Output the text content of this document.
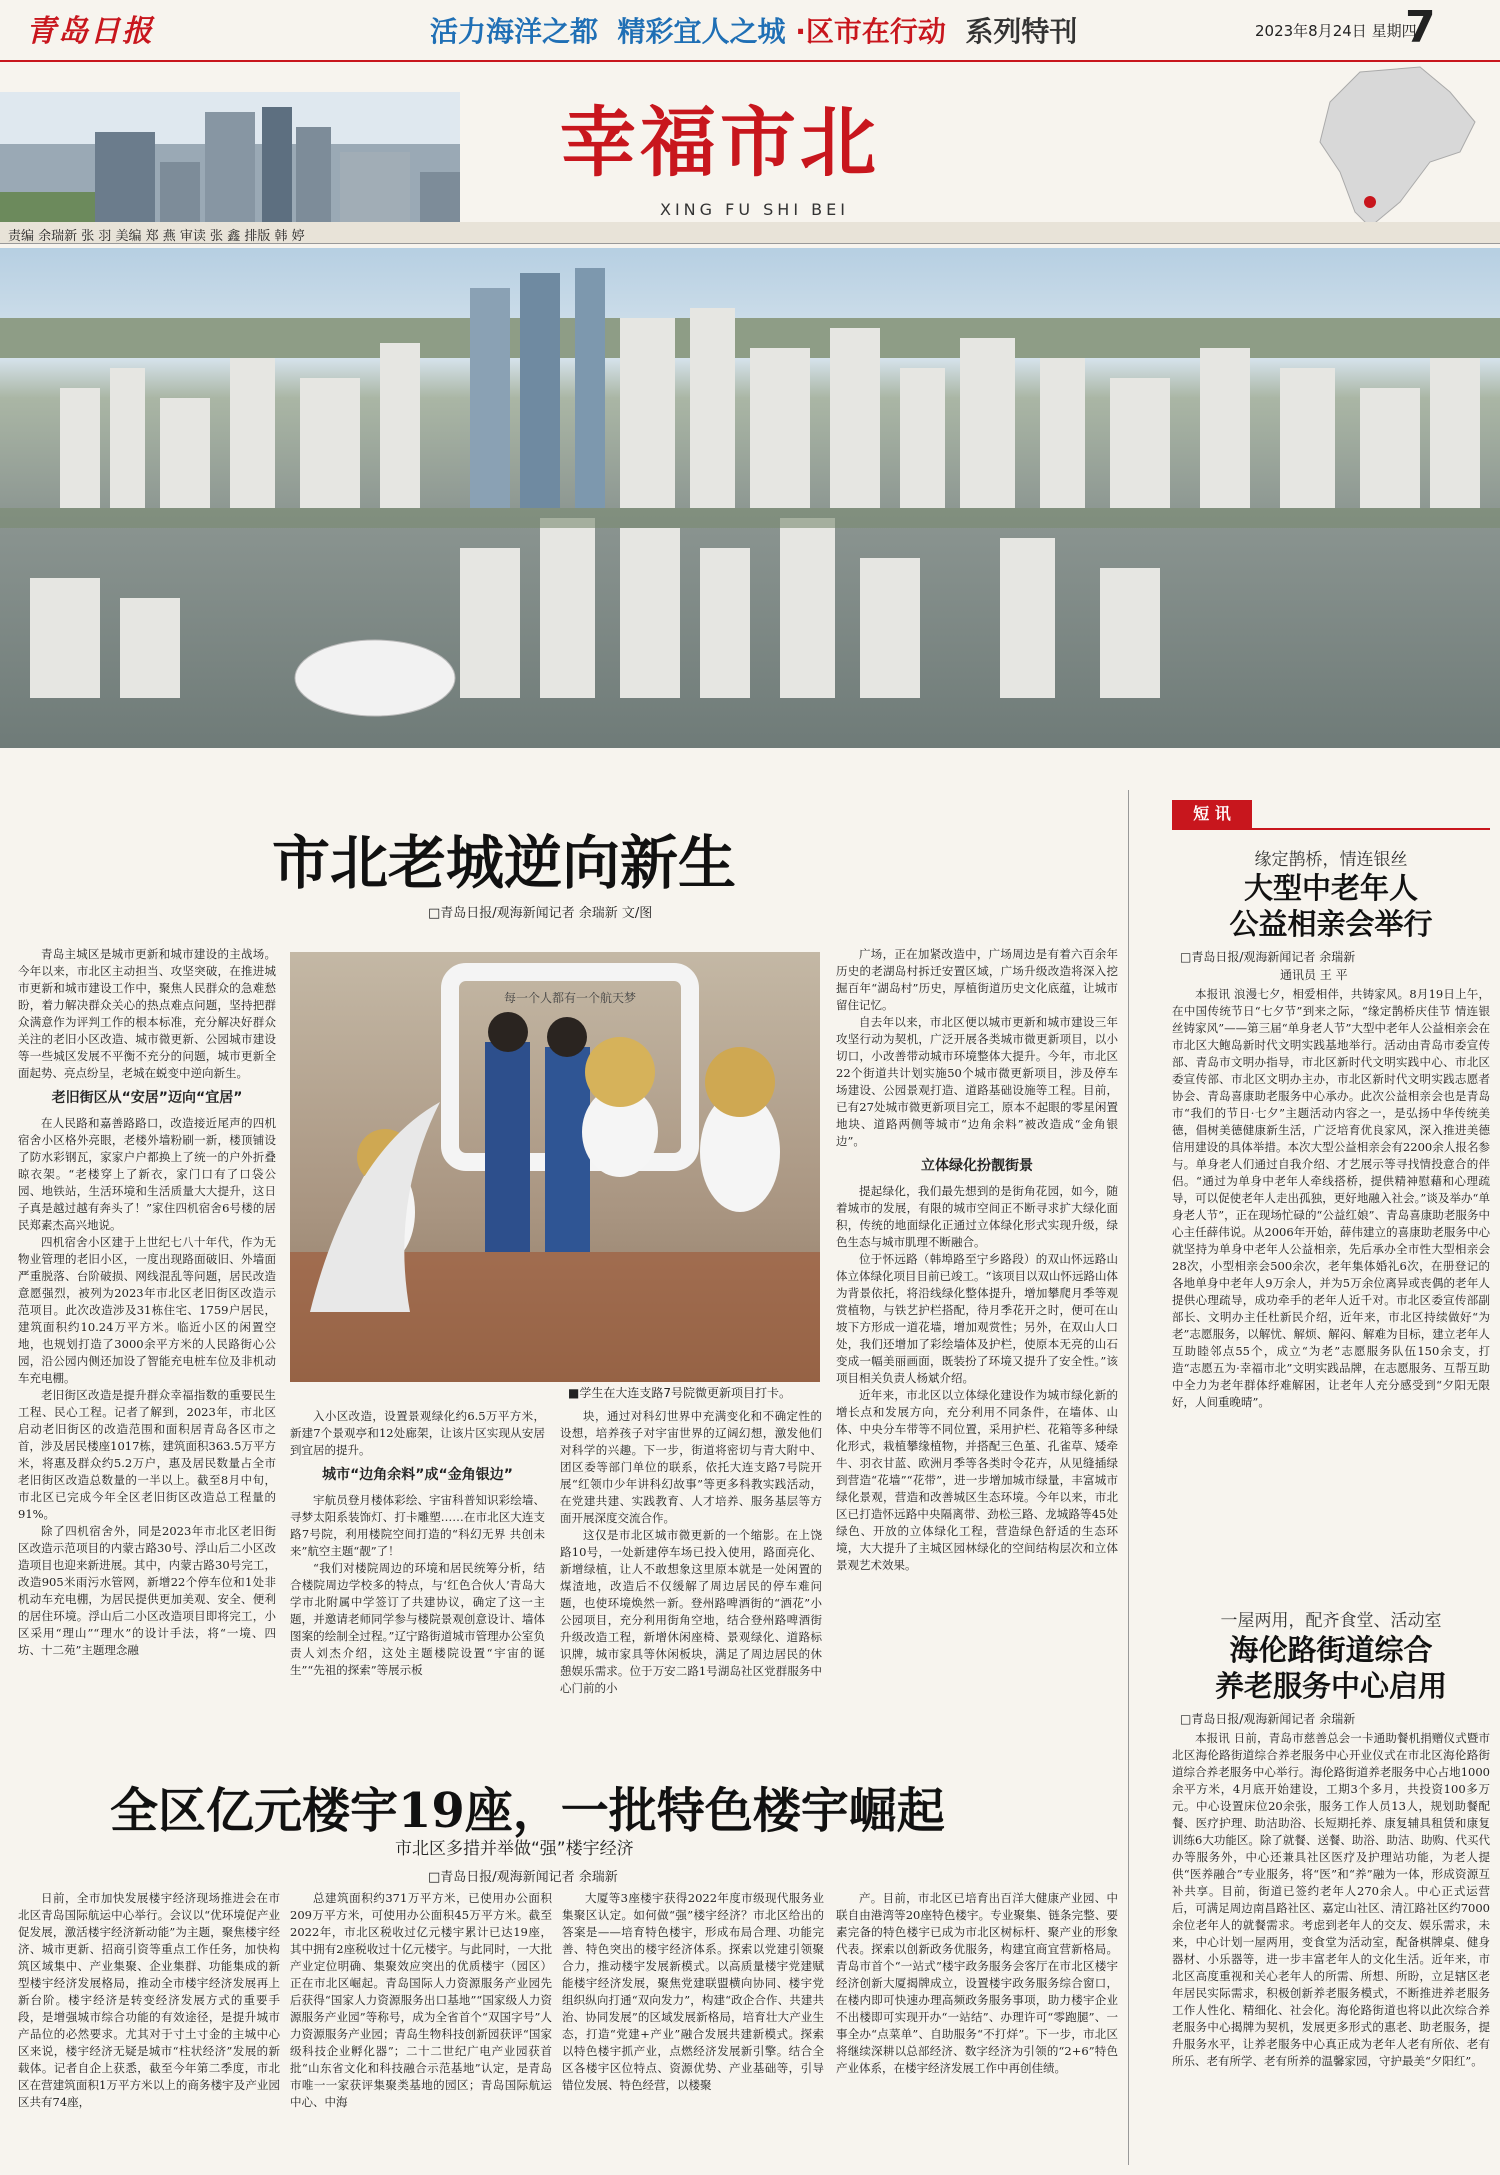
青岛日报	活力海洋之都 精彩宜人之城 ·区市在行动 系列特刊	2023年8月24日 星期四
7
幸福市北
XING FU SHI BEI
责编 余瑞新 张 羽 美编 郑 燕 审读 张 鑫 排版 韩 婷
市北老城逆向新生
□青岛日报/观海新闻记者 余瑞新 文/图

青岛主城区是城市更新和城市建设的主战场。今年以来，市北区主动担当、攻坚突破，在推进城市更新和城市建设工作中，聚焦人民群众的急难愁盼，着力解决群众关心的热点难点问题，坚持把群众满意作为评判工作的根本标准，充分解决好群众关注的老旧小区改造、城市微更新、公园城市建设等一些城区发展不平衡不充分的问题，城市更新全面起势、亮点纷呈，老城在蜕变中逆向新生。

老旧街区从“安居”迈向“宜居”

在人民路和嘉善路路口，改造接近尾声的四机宿舍小区格外亮眼，老楼外墙粉刷一新，楼顶铺设了防水彩钢瓦，家家户户都换上了统一的户外折叠晾衣架。“老楼穿上了新衣，家门口有了口袋公园、地铁站，生活环境和生活质量大大提升，这日子真是越过越有奔头了！”家住四机宿舍6号楼的居民郑素杰高兴地说。

四机宿舍小区建于上世纪七八十年代，作为无物业管理的老旧小区，一度出现路面破旧、外墙面严重脱落、台阶破损、网线混乱等问题，居民改造意愿强烈，被列为2023年市北区老旧街区改造示范项目。此次改造涉及31栋住宅、1759户居民，建筑面积约10.24万平方米。临近小区的闲置空地，也规划打造了3000余平方米的人民路街心公园，沿公园内侧还加设了智能充电桩车位及非机动车充电棚。

老旧街区改造是提升群众幸福指数的重要民生工程、民心工程。记者了解到，2023年，市北区启动老旧街区的改造范围和面积居青岛各区市之首，涉及居民楼座1017栋，建筑面积363.5万平方米，将惠及群众约5.2万户，惠及居民数量占全市老旧街区改造总数量的一半以上。截至8月中旬，市北区已完成今年全区老旧街区改造总工程量的91%。

除了四机宿舍外，同是2023年市北区老旧街区改造示范项目的内蒙古路30号、浮山后二小区改造项目也迎来新进展。其中，内蒙古路30号完工，改造905米雨污水管网，新增22个停车位和1处非机动车充电棚，为居民提供更加美观、安全、便利的居住环境。浮山后二小区改造项目即将完工，小区采用“理山”“理水”的设计手法，将“一境、四坊、十二苑”主题理念融

每一个人都有一个航天梦
■学生在大连支路7号院微更新项目打卡。

入小区改造，设置景观绿化约6.5万平方米，新建7个景观亭和12处廊架，让该片区实现从安居到宜居的提升。

城市“边角余料”成“金角银边”

宇航员登月楼体彩绘、宇宙科普知识彩绘墙、寻梦太阳系装饰灯、打卡雕塑……在市北区大连支路7号院，利用楼院空间打造的“科幻无界 共创未来”航空主题“靓”了！

“我们对楼院周边的环境和居民统筹分析，结合楼院周边学校多的特点，与‘红色合伙人’青岛大学市北附属中学签订了共建协议，确定了这一主题，并邀请老师同学参与楼院景观创意设计、墙体图案的绘制全过程。”辽宁路街道城市管理办公室负责人刘杰介绍，这处主题楼院设置“宇宙的诞生”“先祖的探索”等展示板

块，通过对科幻世界中充满变化和不确定性的设想，培养孩子对宇宙世界的辽阔幻想，激发他们对科学的兴趣。下一步，街道将密切与青大附中、团区委等部门单位的联系，依托大连支路7号院开展“红领巾少年讲科幻故事”等更多科教实践活动，在党建共建、实践教育、人才培养、服务基层等方面开展深度交流合作。

这仅是市北区城市微更新的一个缩影。在上饶路10号，一处新建停车场已投入使用，路面亮化、新增绿植，让人不敢想象这里原本就是一处闲置的煤渣地，改造后不仅缓解了周边居民的停车难问题，也使环境焕然一新。登州路啤酒街的“酒花”小公园项目，充分利用街角空地，结合登州路啤酒街升级改造工程，新增休闲座椅、景观绿化、道路标识牌，城市家具等休闲板块，满足了周边居民的休憩娱乐需求。位于万安二路1号湖岛社区党群服务中心门前的小

广场，正在加紧改造中，广场周边是有着六百余年历史的老湖岛村拆迁安置区域，广场升级改造将深入挖掘百年“湖岛村”历史，厚植街道历史文化底蕴，让城市留住记忆。

自去年以来，市北区便以城市更新和城市建设三年攻坚行动为契机，广泛开展各类城市微更新项目，以小切口，小改善带动城市环境整体大提升。今年，市北区22个街道共计划实施50个城市微更新项目，涉及停车场建设、公园景观打造、道路基础设施等工程。目前，已有27处城市微更新项目完工，原本不起眼的零星闲置地块、道路两侧等城市“边角余料”被改造成“金角银边”。

立体绿化扮靓街景

提起绿化，我们最先想到的是街角花园，如今，随着城市的发展，有限的城市空间正不断寻求扩大绿化面积，传统的地面绿化正通过立体绿化形式实现升级，绿色生态与城市肌理不断融合。

位于怀远路（韩埠路至宁乡路段）的双山怀远路山体立体绿化项目目前已竣工。“该项目以双山怀远路山体为背景依托，将沿线绿化整体提升，增加攀爬月季等观赏植物，与铁艺护栏搭配，待月季花开之时，便可在山坡下方形成一道花墙，增加观赏性；另外，在双山人口处，我们还增加了彩绘墙体及护栏，使原本无亮的山石变成一幅美丽画面，既装扮了环境又提升了安全性。”该项目相关负责人杨斌介绍。

近年来，市北区以立体绿化建设作为城市绿化新的增长点和发展方向，充分利用不同条件，在墙体、山体、中央分车带等不同位置，采用护栏、花箱等多种绿化形式，栽植攀缘植物，并搭配三色堇、孔雀草、矮牵牛、羽衣甘蓝、欧洲月季等各类时令花卉，从见缝插绿到营造“花墙”“花带”，进一步增加城市绿量，丰富城市绿化景观，营造和改善城区生态环境。今年以来，市北区已打造怀远路中央隔离带、劲松三路、龙城路等45处绿色、开放的立体绿化工程，营造绿色舒适的生态环境，大大提升了主城区园林绿化的空间结构层次和立体景观艺术效果。

全区亿元楼宇19座，一批特色楼宇崛起
市北区多措并举做“强”楼宇经济
□青岛日报/观海新闻记者 余瑞新

日前，全市加快发展楼宇经济现场推进会在市北区青岛国际航运中心举行。会议以“优环境促产业促发展，激活楼宇经济新动能”为主题，聚焦楼宇经济、城市更新、招商引资等重点工作任务，加快构筑区域集中、产业集聚、企业集群、功能集成的新型楼宇经济发展格局，推动全市楼宇经济发展再上新台阶。楼宇经济是转变经济发展方式的重要手段，是增强城市综合功能的有效途径，是提升城市产品位的必然要求。尤其对于寸土寸金的主城中心区来说，楼宇经济无疑是城市“柱状经济”发展的新载体。记者自企上获悉，截至今年第二季度，市北区在营建筑面积1万平方米以上的商务楼宇及产业园区共有74座，

总建筑面积约371万平方米，已使用办公面积209万平方米，可使用办公面积45万平方米。截至2022年，市北区税收过亿元楼宇累计已达19座，其中拥有2座税收过十亿元楼宇。与此同时，一大批产业定位明确、集聚效应突出的优质楼宇（园区）正在市北区崛起。青岛国际人力资源服务产业园先后获得“国家人力资源服务出口基地”“国家级人力资源服务产业园”等称号，成为全省首个“双国字号”人力资源服务产业园；青岛生物科技创新园获评“国家级科技企业孵化器”；二十二世纪广电产业园获首批“山东省文化和科技融合示范基地”认定，是青岛市唯一一家获评集聚类基地的园区；青岛国际航运中心、中海

大厦等3座楼宇获得2022年度市级现代服务业集聚区认定。如何做“强”楼宇经济？市北区给出的答案是——培育特色楼宇，形成布局合理、功能完善、特色突出的楼宇经济体系。探索以党建引领聚合力，推动楼宇发展新模式。以高质量楼宇党建赋能楼宇经济发展，聚焦党建联盟横向协同、楼宇党组织纵向打通“双向发力”，构建“政企合作、共建共治、协同发展”的区域发展新格局，培育壮大产业生态，打造“党建+产业”融合发展共建新模式。探索以特色楼宇抓产业，点燃经济发展新引擎。结合全区各楼宇区位特点、资源优势、产业基础等，引导错位发展、特色经营，以楼聚

产。目前，市北区已培育出百洋大健康产业园、中联自由港湾等20座特色楼宇。专业聚集、链条完整、要素完备的特色楼宇已成为市北区树标杆、聚产业的形象代表。探索以创新政务优服务，构建宜商宜营新格局。青岛市首个“一站式”楼宇政务服务会客厅在市北区楼宇经济创新大厦揭牌成立，设置楼宇政务服务综合窗口，在楼内即可快速办理高频政务服务事项，助力楼宇企业不出楼即可实现开办“一站结”、办理许可“零跑腿”、一事全办“点菜单”、自助服务“不打烊”。下一步，市北区将继续深耕以总部经济、数字经济为引领的“2+6”特色产业体系，在楼宇经济发展工作中再创佳绩。

短 讯
缘定鹊桥，情连银丝
大型中老年人
公益相亲会举行
□青岛日报/观海新闻记者 余瑞新
通讯员 王 平

本报讯 浪漫七夕，相爱相伴，共铸家风。8月19日上午，在中国传统节日“七夕节”到来之际，“缘定鹊桥庆佳节 情连银丝铸家风”——第三届“单身老人节”大型中老年人公益相亲会在市北区大鲍岛新时代文明实践基地举行。活动由青岛市委宣传部、青岛市文明办指导，市北区新时代文明实践中心、市北区委宣传部、市北区文明办主办，市北区新时代文明实践志愿者协会、青岛喜康助老服务中心承办。此次公益相亲会也是青岛市“我们的节日·七夕”主题活动内容之一，是弘扬中华传统美德，倡树美德健康新生活，广泛培育优良家风，深入推进美德信用建设的具体举措。本次大型公益相亲会有2200余人报名参与。单身老人们通过自我介绍、才艺展示等寻找情投意合的伴侣。“通过为单身中老年人牵线搭桥，提供精神慰藉和心理疏导，可以促使老年人走出孤独，更好地融入社会。”谈及举办“单身老人节”，正在现场忙碌的“公益红娘”、青岛喜康助老服务中心主任薛伟说。从2006年开始，薛伟建立的喜康助老服务中心就坚持为单身中老年人公益相亲，先后承办全市性大型相亲会28次，小型相亲会500余次，老年集体婚礼6次，在册登记的各地单身中老年人9万余人，并为5万余位离异或丧偶的老年人提供心理疏导，成功牵手的老年人近千对。市北区委宣传部副部长、文明办主任杜新民介绍，近年来，市北区持续做好“为老”志愿服务，以解忧、解烦、解闷、解难为目标，建立老年人互助睦邻点55个，成立“为老”志愿服务队伍150余支，打造“志愿五为·幸福市北”文明实践品牌，在志愿服务、互帮互助中全力为老年群体纾难解困，让老年人充分感受到“夕阳无限好，人间重晚晴”。

一屋两用，配齐食堂、活动室
海伦路街道综合
养老服务中心启用
□青岛日报/观海新闻记者 余瑞新

本报讯 日前，青岛市慈善总会一卡通助餐机捐赠仪式暨市北区海伦路街道综合养老服务中心开业仪式在市北区海伦路街道综合养老服务中心举行。海伦路街道养老服务中心占地1000余平方米，4月底开始建设，工期3个多月，共投资100多万元。中心设置床位20余张，服务工作人员13人，规划助餐配餐、医疗护理、助洁助浴、长短期托养、康复辅具租赁和康复训练6大功能区。除了就餐、送餐、助浴、助洁、助购、代买代办等服务外，中心还兼具社区医疗及护理站功能，为老人提供“医养融合”专业服务，将“医”和“养”融为一体，形成资源互补共享。目前，街道已签约老年人270余人。中心正式运营后，可满足周边南昌路社区、嘉定山社区、清江路社区约7000余位老年人的就餐需求。考虑到老年人的交友、娱乐需求，未来，中心计划一屋两用，变食堂为活动室，配备棋牌桌、健身器材、小乐器等，进一步丰富老年人的文化生活。近年来，市北区高度重视和关心老年人的所需、所想、所盼，立足辖区老年居民实际需求，积极创新养老服务模式，不断推进养老服务工作人性化、精细化、社会化。海伦路街道也将以此次综合养老服务中心揭牌为契机，发展更多形式的惠老、助老服务，提升服务水平，让养老服务中心真正成为老年人老有所依、老有所乐、老有所学、老有所养的温馨家园，守护最美“夕阳红”。
